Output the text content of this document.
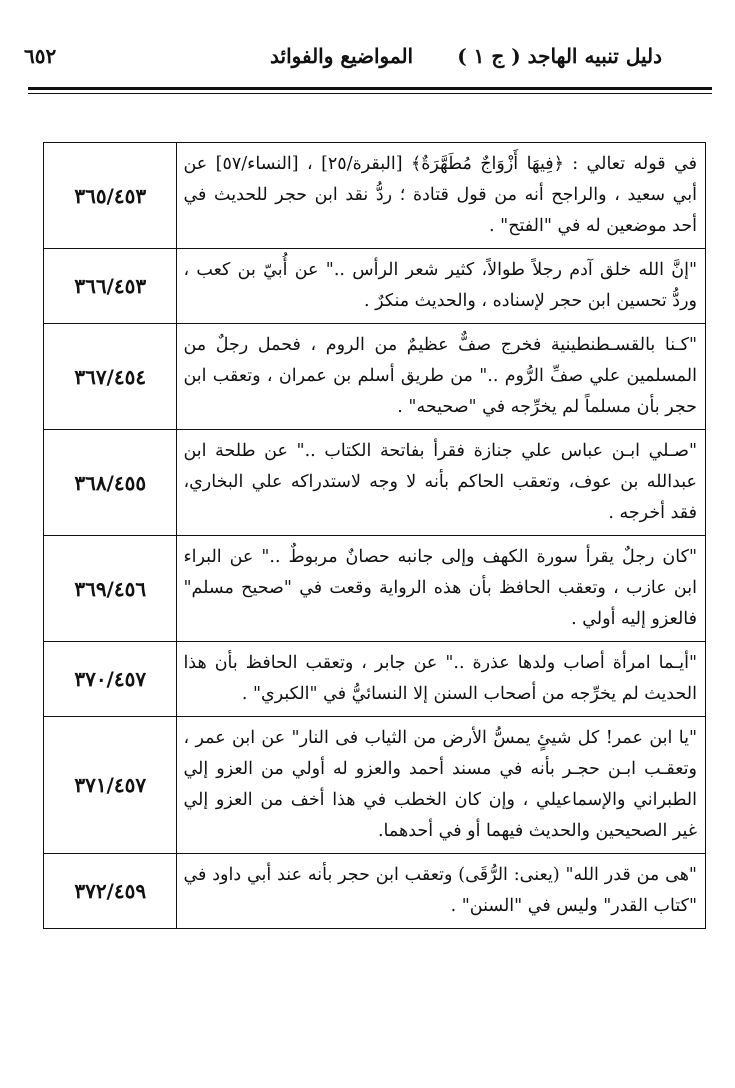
دليل تنبيه الهاجد ( ج ١ )
المواضيع والفوائد
٦٥٢
في قوله تعالي : ﴿فِيهَا أَزْوَاجٌ مُطَهَّرَةٌ﴾ [البقرة/٢٥] ، [النساء/٥٧] عن أبي سعيد ، والراجح أنه من قول قتادة ؛ ردُّ نقد ابن حجر للحديث في أحد موضعين له في "الفتح" .	٣٦٥/٤٥٣
"إنَّ الله خلق آدم رجلاً طوالاً، كثير شعر الرأس .." عن أُبيّ بن كعب ، وردُّ تحسين ابن حجر لإسناده ، والحديث منكرٌ .	٣٦٦/٤٥٣
"كـنا بالقسـطنطينية فخرج صفٌّ عظيمٌ من الروم ، فحمل رجلٌ من المسلمين علي صفِّ الرُّوم .." من طريق أسلم بن عمران ، وتعقب ابن حجر بأن مسلماً لم يخرِّجه في "صحيحه" .	٣٦٧/٤٥٤
"صـلي ابـن عباس علي جنازة فقرأ بفاتحة الكتاب .." عن طلحة ابن عبدالله بن عوف، وتعقب الحاكم بأنه لا وجه لاستدراكه علي البخاري، فقد أخرجه .	٣٦٨/٤٥٥
"كان رجلٌ يقرأ سورة الكهف وإلى جانبه حصانٌ مربوطٌ .." عن البراء ابن عازب ، وتعقب الحافظ بأن هذه الرواية وقعت في "صحيح مسلم" فالعزو إليه أولي .	٣٦٩/٤٥٦
"أيـما امرأة أصاب ولدها عذرة .." عن جابر ، وتعقب الحافظ بأن هذا الحديث لم يخرِّجه من أصحاب السنن إلا النسائيُّ في "الكبري" .	٣٧٠/٤٥٧
"يا ابن عمر! كل شيئٍ يمسُّ الأرض من الثياب فى النار" عن ابن عمر ، وتعقـب ابـن حجـر بأنه في مسند أحمد والعزو له أولي من العزو إلي الطبراني والإسماعيلي ، وإن كان الخطب في هذا أخف من العزو إلي غير الصحيحين والحديث فيهما أو في أحدهما.	٣٧١/٤٥٧
"هى من قدر الله" (يعنى: الرُّقَى) وتعقب ابن حجر بأنه عند أبي داود في "كتاب القدر" وليس في "السنن" .	٣٧٢/٤٥٩
